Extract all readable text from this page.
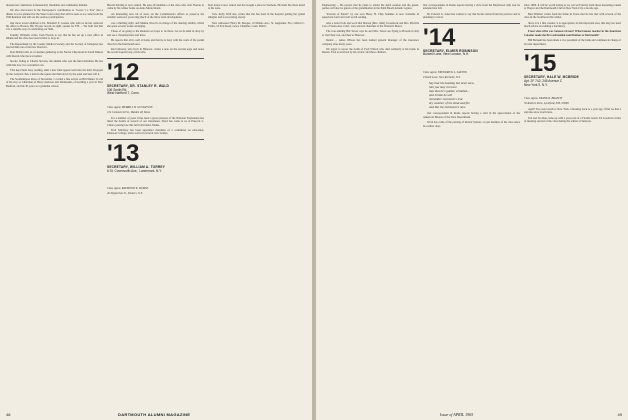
mousetown contributor is measurably charitable and community minded.

We also discovered in the Newspaper's contribution to "Leave '11, You" that a dinner is to be planned for the West Coast today that will be seen as we come from the 25th Reunion and will see the outdoor participation.

Our most recent addition is Dr. Marshall E. Greene who tells us he has removed his office to Boston. His 30-year record, in sight, speaks for F.H. ... We both feel that it is a suitable way of celebrating our 50th.

Tommy Williams writes from Florida to say that he has set up a new office in Miami and the class has been invited to drop in.

The Department by the County Medical Society and the Society of Delegates has elected him one of the new directors.

Don Mallett tells us of another gathering at the Nectar Chip hotel in South Dakota with friends who have travelled.

mocks, fading to Charlie Stevens, the alumni who was the fund chairman. He has with him now two wonderful cats.

That kept them busy reading, until a new fund appeal went into the mail. Dropped by the Ledyard club, a man in the square met him down by the quad and later left it.

The Southampton Press of November 1 carried a fine article on Bill Mallet. It told of his stay as Chairman of Harry Andover and Dartmouth, of teaching a year in New Bedford, and his 30 years as a grammar school.

Harold Sebring is now retired. He asks all members of the class who visit Florida to come by his winter home on Anna Maria Island.

An interesting new bit of news on the Commission's efforts to preserve the Atlantic seaboard, protecting much of the shore from development.

was a thrilling sight, and Mamie Wood is in charge of the dancing exhibit, which she spent several weeks arranging.

Those of us going to the Reunion we hope to be there. Let us be kind in drop by and see a classmate here and there.

He reports that all is well at home and that he is busy with the work of the parish church in the Dartmouth area.

Red Osborne, who lives in Hanover, writes a note on the second page and notes the recent hospital stay of his wife.

'12 SECRETARY, DR. STANLEY R. WALD
106 Smith Rd.
West Hartford 7, Conn.

Class Agent, MERRILL B. GUSTAFSON

134 Commercial St., Malden 48, Mass.

For a number of years it has been a great pleasure of the National Foundation has listed the deaths of several of our classmates. Word has come to us of Prescott L. Cline's passing late this fall in Portland, Maine.

Fred Salisbury has been appointed chairman of a committee on education, Emerson College, and is active in several civic bodies.

'13 SECRETARY, WILLIAM A. TORREY
6 St. Covenvoith Ave., Larchmont, N.Y.

Class Agent, RAYMOND W. MORSE

40 Nepperhan St., Yonkers, N.Y.

Don Jones is now retired and has bought a place in Vermont. He finds life there much to his taste.

Vets. Kelly Wolf site, writes that she has been in the hospital getting her genial shingles and is recovering slowly.

New addresses: Harry M. Bosque, 10 Milano Ave., St. Augustine, Fla.; Gilbert C. Tubbs, 10 Fort Road, Grace Chandler, Conn. 06410.

48	DARTMOUTH ALUMNI MAGAZINE

Engineering ... He reports that he plans to attend the April reunion and the grand-parties will also be guests of the grandmother in the Palm Beach Atlantic region.

"Portrait of Parent" by our own Harry H. Chip Semmes is now available in paperback form and well worth reading.

Also a letter from and word that Marion (Mrs. John) Crossmock and Mrs. Priscilla Cox of Santa Ana, Calif., were elected chairmen of the Women's Board.

The ever-smiling Bill Tower says he and Mrs. Tower are flying to Hawaii in July to visit their son, and then to Hanover.

Dental ... Amos Wilson has been named general manager of the insurance company after many years.

We regret to report the death of Fred Wilson who died suddenly at his home in Darien. Fred is survived by his widow and three children.

Our correspondents in Rome reports having a view from the Mayflower ship tour he attended last fall.

Dr. Edward G. Jones has written to say that he has retired from his practice and is planning to travel.

'14 SECRETARY, ELMER ROBINSON
Burwell Lane, New London, N.H.

Class Agent, FREDERICK L. SAXTON

9 Knoll Lane, New Rochelle, N.Y.

Say that his heading has been seen,
him you may run here
that that he's golden wrinkled—
and I think he will
remember seventeen's true
dry weather of his mind and fire
and like the old bearers now.

Our correspondent in Rome reports having a visit in his appreciation of the American Bureau of the State Department.

Word has come of the passing of Robert Saxton, a loyal member of the class since its earliest days.

since 1909. It will be worth noting as we can well testify from those mourning rounds to Thayer and the Dartmouth Club in New York City a decade ago.

Bud Whittier writes from his home in Texas that he has met with several of the class in the Southwest this winter.

Since it is a fine wonder, it is appropriate, in this important area, this may not need much advice on running a dormitory.

From what tribe was Samson Occom? What famous teacher in the American Colonies made the first substantial contribution to Dartmouth?

Bill Barnum has been made a vice president of the bank and continues in charge of its trust department.

'15 SECRETARY, HALE W. MCBRIDE
Apt. 2F 742, 245 Avenue C
New York 9, N.Y.

Class Agent, FRANK R. BRANCH

50 Roberts Park, Lynnfield, N.H. 03668

April? You were north to New York. Checking back to a year ago I find we had a surprise snow storm here.

Ted and Iva Dun came up with a post-card of a Florida beach. Ed Goodwin writes of meeting several of the class during the winter at Sarasota.

Issue of APRIL 1965	49
